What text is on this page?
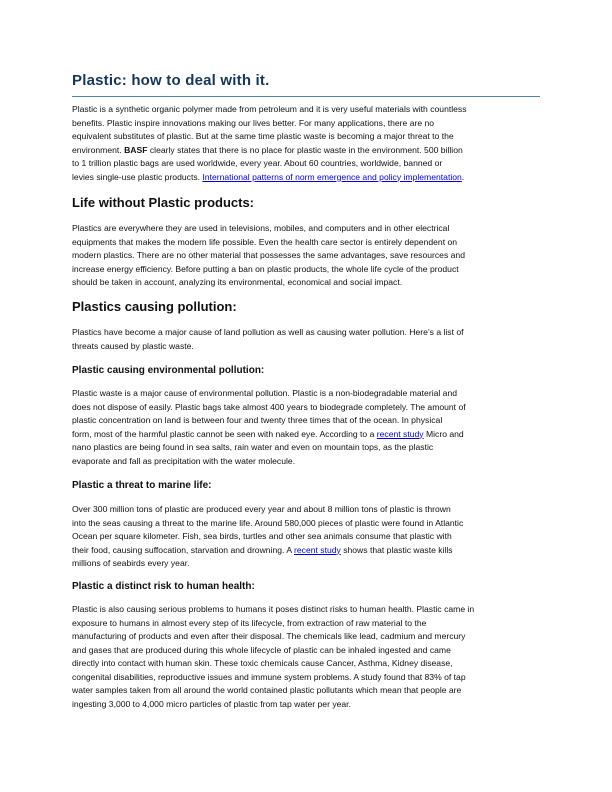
Plastic: how to deal with it.
Plastic is a synthetic organic polymer made from petroleum and it is very useful materials with countless
benefits. Plastic inspire innovations making our lives better. For many applications, there are no
equivalent substitutes of plastic. But at the same time plastic waste is becoming a major threat to the
environment. BASF clearly states that there is no place for plastic waste in the environment. 500 billion
to 1 trillion plastic bags are used worldwide, every year. About 60 countries, worldwide, banned or
levies single-use plastic products. International patterns of norm emergence and policy implementation.
Life without Plastic products:
Plastics are everywhere they are used in televisions, mobiles, and computers and in other electrical
equipments that makes the modern life possible. Even the health care sector is entirely dependent on
modern plastics. There are no other material that possesses the same advantages, save resources and
increase energy efficiency. Before putting a ban on plastic products, the whole life cycle of the product
should be taken in account, analyzing its environmental, economical and social impact.
Plastics causing pollution:
Plastics have become a major cause of land pollution as well as causing water pollution. Here’s a list of
threats caused by plastic waste.
Plastic causing environmental pollution:
Plastic waste is a major cause of environmental pollution. Plastic is a non-biodegradable material and
does not dispose of easily. Plastic bags take almost 400 years to biodegrade completely. The amount of
plastic concentration on land is between four and twenty three times that of the ocean. In physical
form, most of the harmful plastic cannot be seen with naked eye. According to a recent study Micro and
nano plastics are being found in sea salts, rain water and even on mountain tops, as the plastic
evaporate and fall as precipitation with the water molecule.
Plastic a threat to marine life:
Over 300 million tons of plastic are produced every year and about 8 million tons of plastic is thrown
into the seas causing a threat to the marine life. Around 580,000 pieces of plastic were found in Atlantic
Ocean per square kilometer. Fish, sea birds, turtles and other sea animals consume that plastic with
their food, causing suffocation, starvation and drowning. A recent study shows that plastic waste kills
millions of seabirds every year.
Plastic a distinct risk to human health:
Plastic is also causing serious problems to humans it poses distinct risks to human health. Plastic came in
exposure to humans in almost every step of its lifecycle, from extraction of raw material to the
manufacturing of products and even after their disposal. The chemicals like lead, cadmium and mercury
and gases that are produced during this whole lifecycle of plastic can be inhaled ingested and came
directly into contact with human skin. These toxic chemicals cause Cancer, Asthma, Kidney disease,
congenital disabilities, reproductive issues and immune system problems. A study found that 83% of tap
water samples taken from all around the world contained plastic pollutants which mean that people are
ingesting 3,000 to 4,000 micro particles of plastic from tap water per year.
